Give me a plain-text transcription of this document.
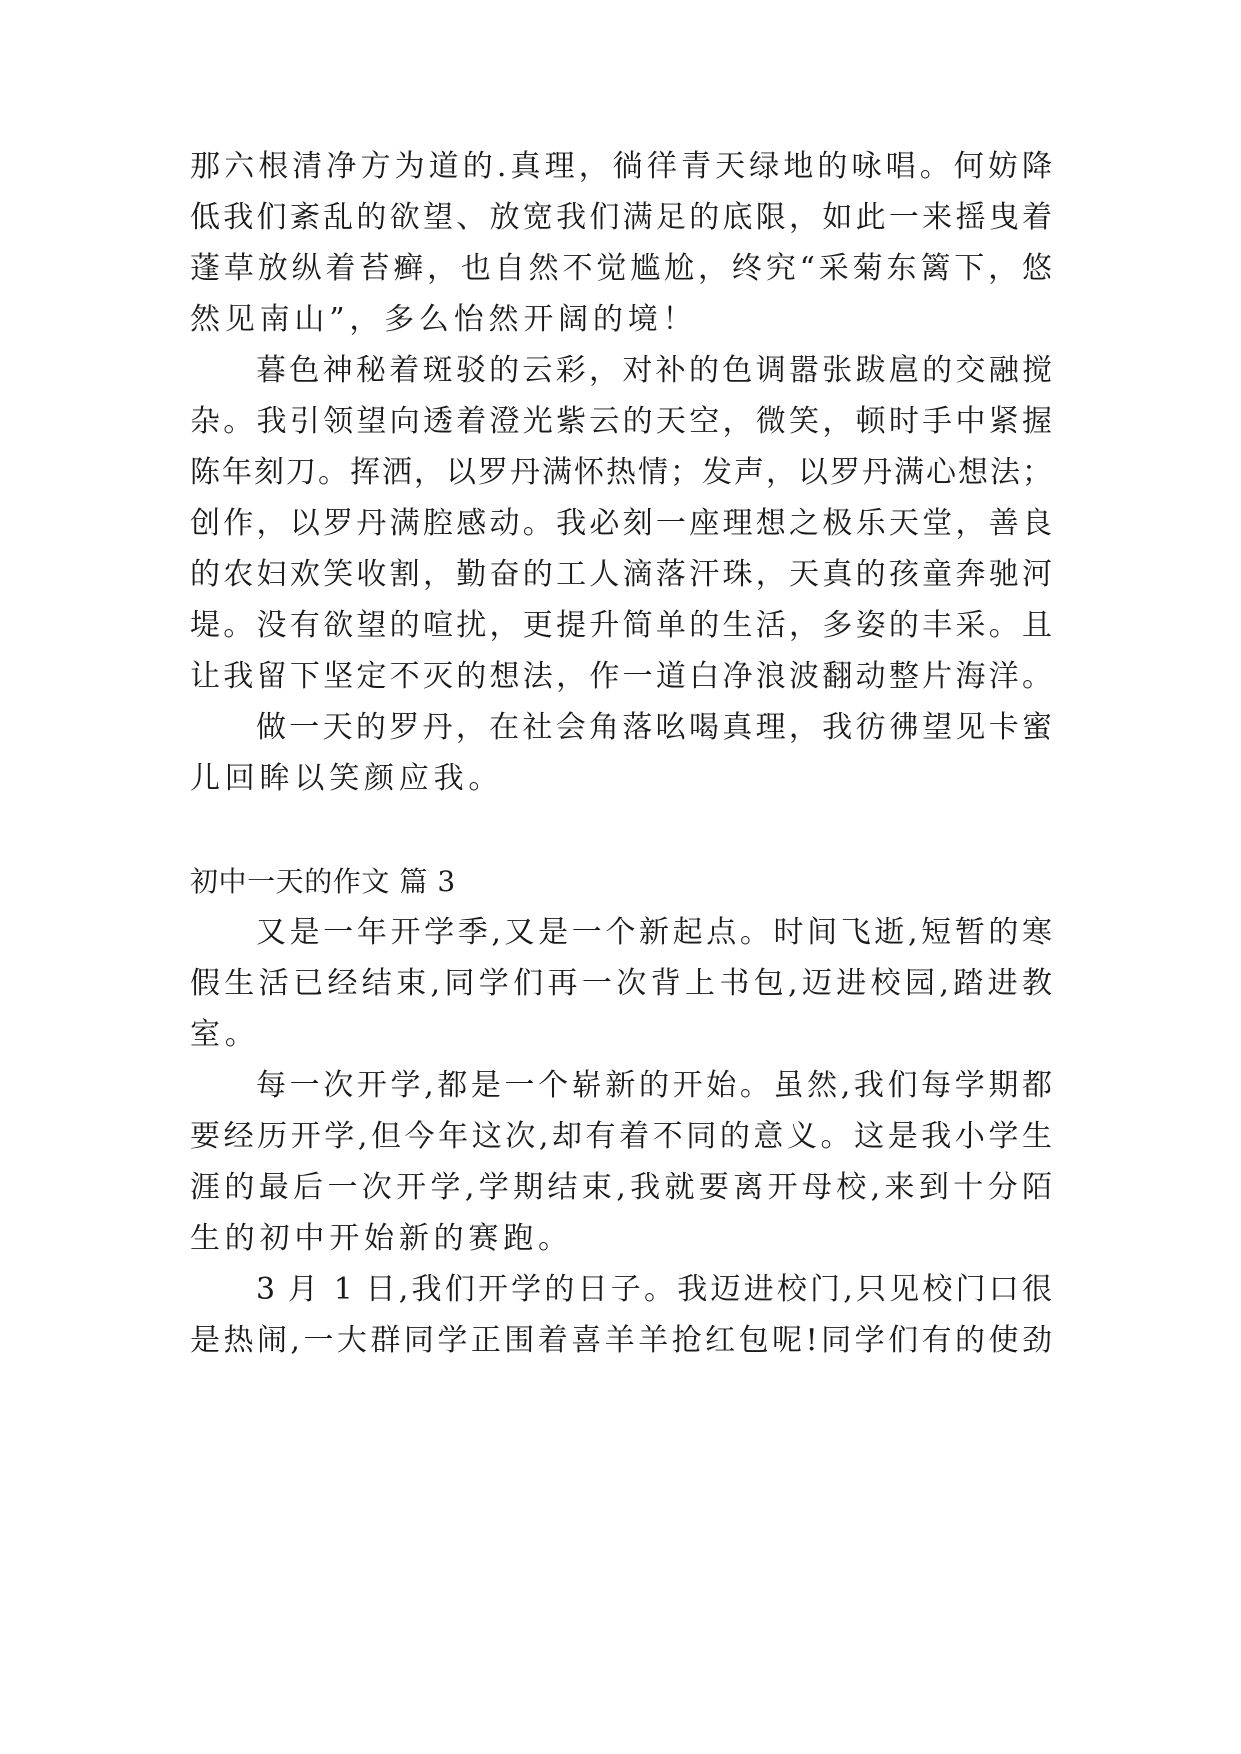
那六根清净方为道的.真理，徜徉青天绿地的咏唱。何妨降
低我们紊乱的欲望、放宽我们满足的底限，如此一来摇曳着
蓬草放纵着苔癣，也自然不觉尴尬，终究“采菊东篱下，悠
然见南山”，多么怡然开阔的境！
暮色神秘着斑驳的云彩，对补的色调嚣张跋扈的交融搅
杂。我引领望向透着澄光紫云的天空，微笑，顿时手中紧握
陈年刻刀。挥洒，以罗丹满怀热情；发声，以罗丹满心想法；
创作，以罗丹满腔感动。我必刻一座理想之极乐天堂，善良
的农妇欢笑收割，勤奋的工人滴落汗珠，天真的孩童奔驰河
堤。没有欲望的喧扰，更提升简单的生活，多姿的丰采。且
让我留下坚定不灭的想法，作一道白净浪波翻动整片海洋。
做一天的罗丹，在社会角落吆喝真理，我彷彿望见卡蜜
儿回眸以笑颜应我。
初中一天的作文 篇 3
又是一年开学季,又是一个新起点。时间飞逝,短暂的寒
假生活已经结束,同学们再一次背上书包,迈进校园,踏进教
室。
每一次开学,都是一个崭新的开始。虽然,我们每学期都
要经历开学,但今年这次,却有着不同的意义。这是我小学生
涯的最后一次开学,学期结束,我就要离开母校,来到十分陌
生的初中开始新的赛跑。
3 月 1 日,我们开学的日子。我迈进校门,只见校门口很
是热闹,一大群同学正围着喜羊羊抢红包呢!同学们有的使劲
